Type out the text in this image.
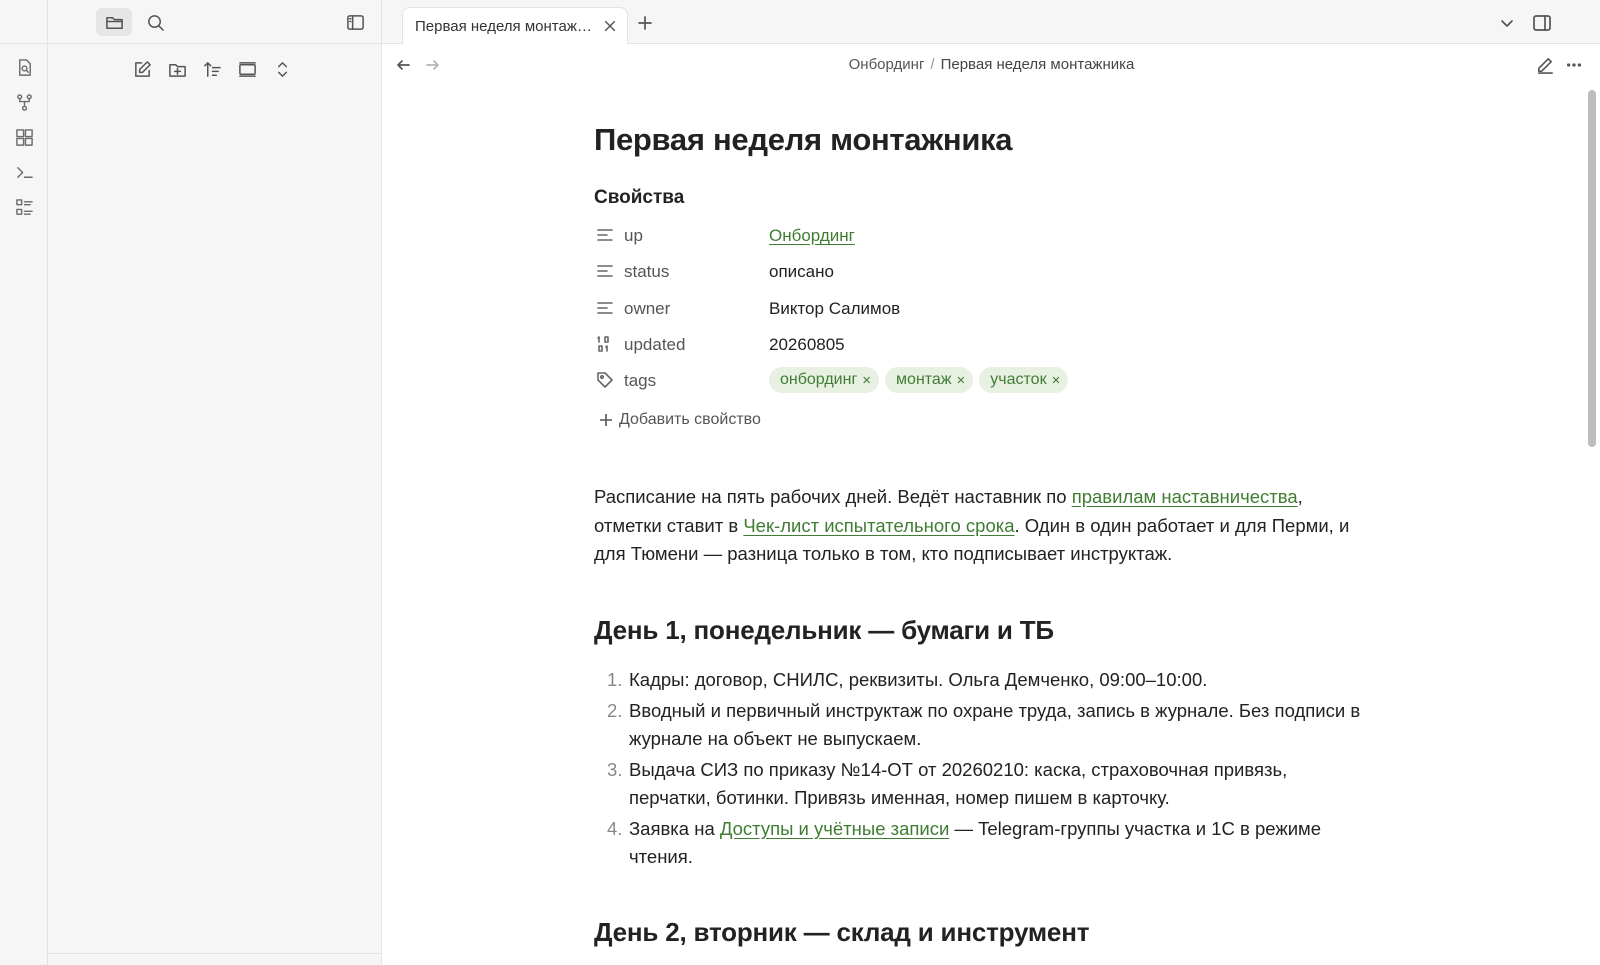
Первая неделя монтаж…
Онбординг / Первая неделя монтажника
Первая неделя монтажника
Свойства
up	Онбординг
status	описано
owner	Виктор Салимов
updated	20260805
tags	онбординг × монтаж × участок ×
Добавить свойство

Расписание на пять рабочих дней. Ведёт наставник по правилам наставничества, отметки ставит в Чек-лист испытательного срока. Один в один работает и для Перми, и для Тюмени — разница только в том, кто подписывает инструктаж.

День 1, понедельник — бумаги и ТБ
1. Кадры: договор, СНИЛС, реквизиты. Ольга Демченко, 09:00–10:00.
2. Вводный и первичный инструктаж по охране труда, запись в журнале. Без подписи в журнале на объект не выпускаем.
3. Выдача СИЗ по приказу №14-ОТ от 20260210: каска, страховочная привязь, перчатки, ботинки. Привязь именная, номер пишем в карточку.
4. Заявка на Доступы и учётные записи — Telegram-группы участка и 1С в режиме чтения.
День 2, вторник — склад и инструмент
